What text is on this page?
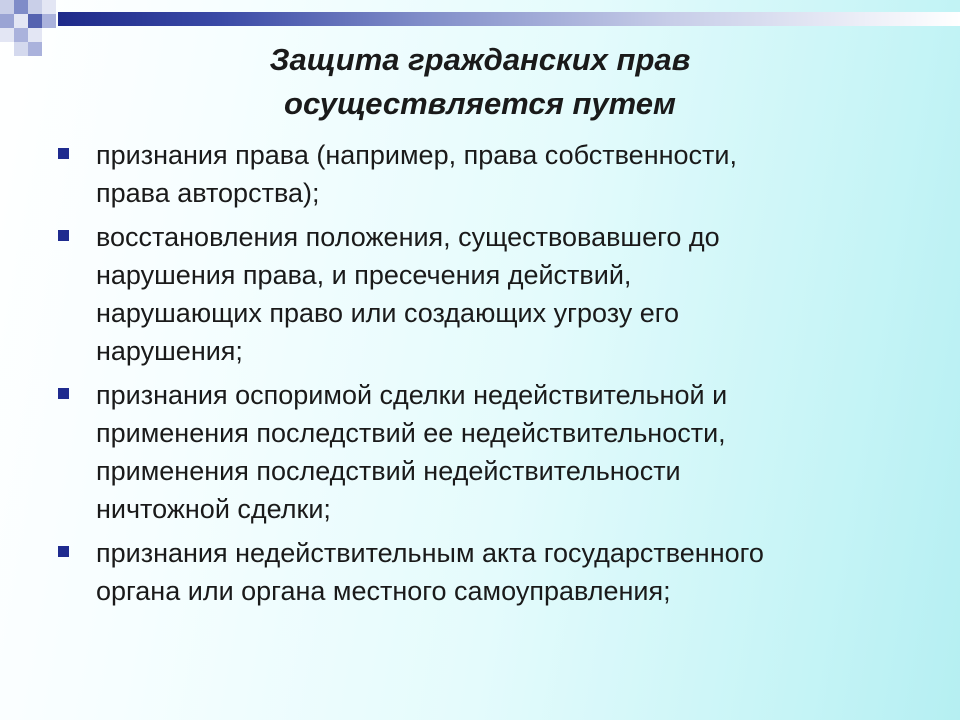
Защита гражданских прав
осуществляется путем
признания права (например, права собственности,
права авторства);
восстановления положения, существовавшего до
нарушения права, и пресечения действий,
нарушающих право или создающих угрозу его
нарушения;
признания оспоримой сделки недействительной и
применения последствий ее недействительности,
применения последствий недействительности
ничтожной сделки;
признания недействительным акта государственного
органа или органа местного самоуправления;
